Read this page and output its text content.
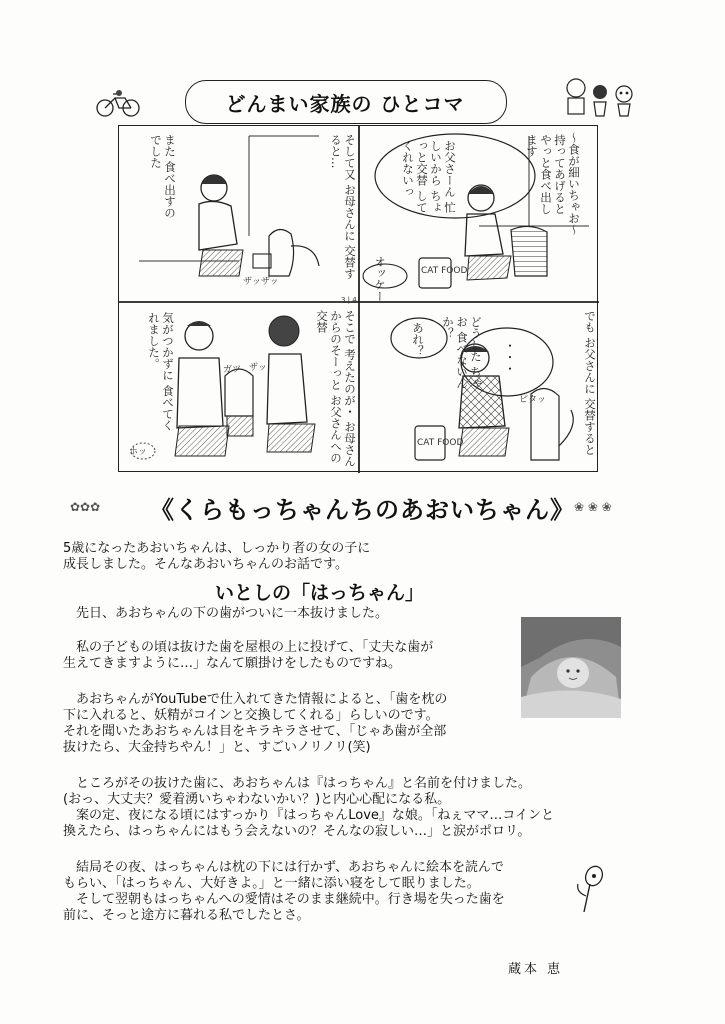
どんまい家族の ひとコマ
〜食が細いちゃお〜
持ってあげるとやっと食べ出します
お父さーん 忙しいから ちょっと交替 してくれないっ
オッケー	CAT FOOD
そして又 お母さんに 交替すると…
また 食べ出すのでした
ザッザッ
でも お父さんに 交替すると
あれ？	どうした ちゃお 食べないんか？
・・・
ピタッ
CAT FOOD
そこで 考えたのが・ お母さんからのそーっと お父さんへの交替
気がつかずに 食べてくれました。
ガツ ザッ
ホッ
3 | 4
✿✿✿	❀ ❀ ❀
《くらもっちゃんちのあおいちゃん》
5歳になったあおいちゃんは、しっかり者の女の子に
成長しました。そんなあおいちゃんのお話です。
いとしの「はっちゃん」
　先日、あおちゃんの下の歯がついに一本抜けました。
　私の子どもの頃は抜けた歯を屋根の上に投げて、「丈夫な歯が
生えてきますように…」なんて願掛けをしたものですね。
　あおちゃんがYouTubeで仕入れてきた情報によると、「歯を枕の
下に入れると、妖精がコインと交換してくれる」らしいのです。
それを聞いたあおちゃんは目をキラキラさせて、「じゃあ歯が全部
抜けたら、大金持ちやん！」と、すごいノリノリ(笑)
　ところがその抜けた歯に、あおちゃんは『はっちゃん』と名前を付けました。
(おっ、大丈夫？愛着湧いちゃわないかい？)と内心心配になる私。
　案の定、夜になる頃にはすっかり『はっちゃんLove』な娘。「ねぇママ…コインと
換えたら、はっちゃんにはもう会えないの？そんなの寂しい…」と涙がポロリ。
　結局その夜、はっちゃんは枕の下には行かず、あおちゃんに絵本を読んで
もらい、「はっちゃん、大好きよ。」と一緒に添い寝をして眠りました。
　そして翌朝もはっちゃんへの愛情はそのまま継続中。行き場を失った歯を
前に、そっと途方に暮れる私でしたとさ。
蔵本 恵
